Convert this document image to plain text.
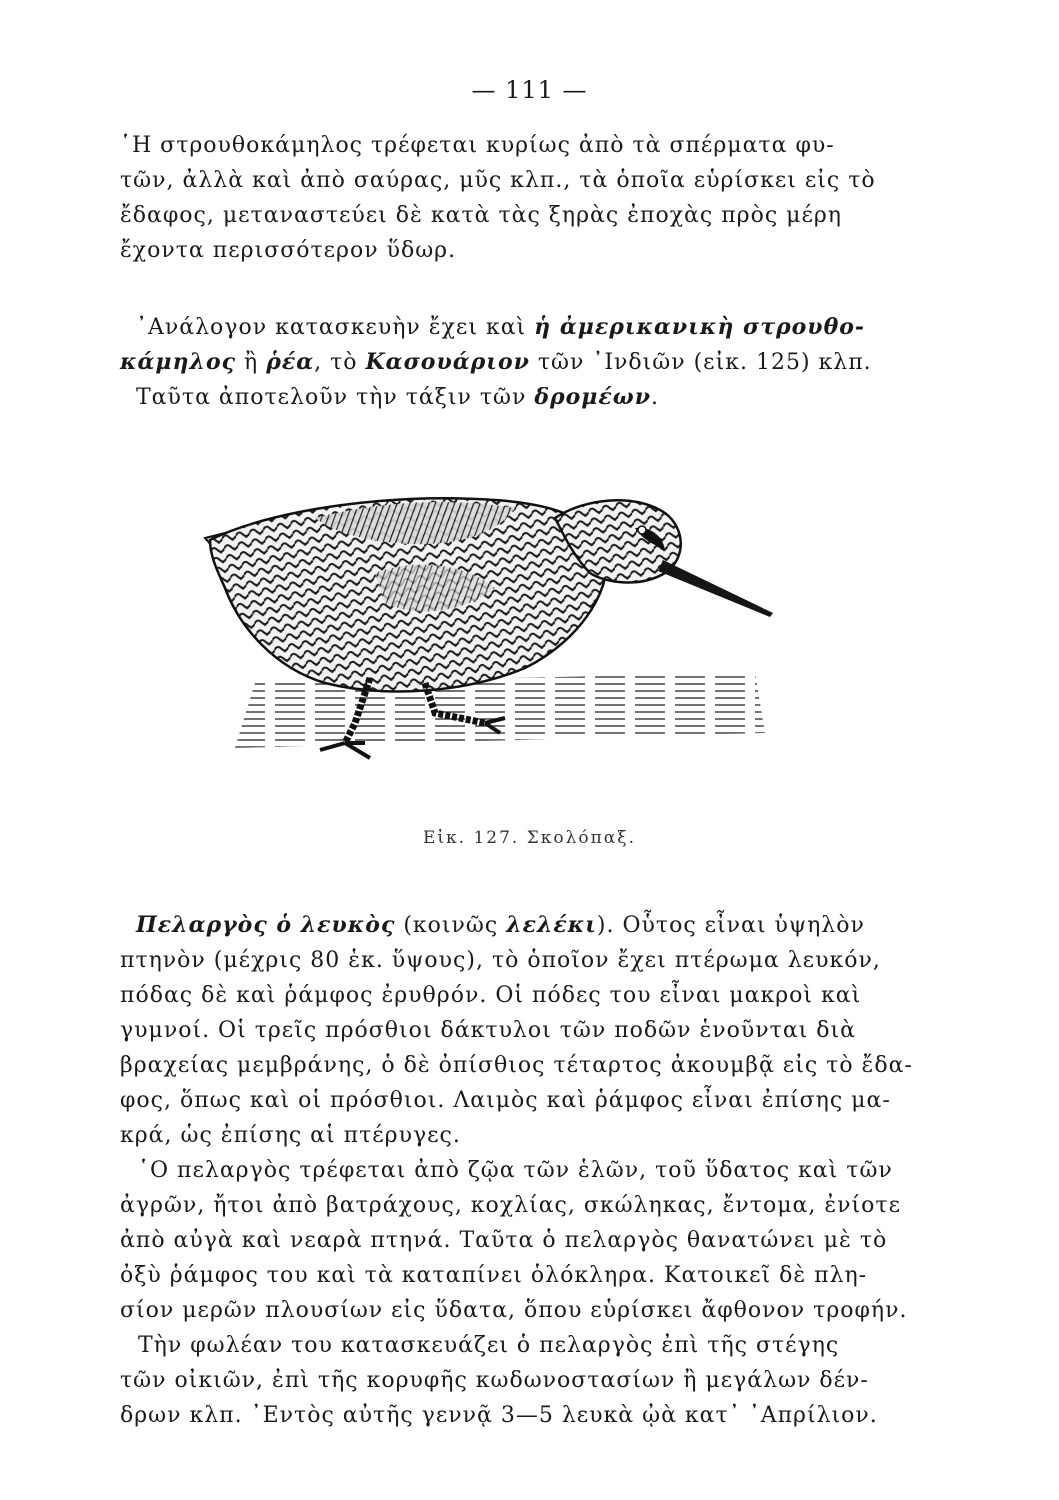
— 111 —
῾Η στρουθοκάμηλος τρέφεται κυρίως ἀπὸ τὰ σπέρματα φυ-
τῶν, ἀλλὰ καὶ ἀπὸ σαύρας, μῦς κλπ., τὰ ὁποῖα εὑρίσκει εἰς τὸ
ἔδαφος, μεταναστεύει δὲ κατὰ τὰς ξηρὰς ἐποχὰς πρὸς μέρη
ἔχοντα περισσότερον ὕδωρ.
᾿Ανάλογον κατασκευὴν ἔχει καὶ ἡ ἀμερικανικὴ στρουθο-
κάμηλος ἢ ῥέα, τὸ Κασουάριον τῶν ᾿Ινδιῶν (εἰκ. 125) κλπ.
Ταῦτα ἀποτελοῦν τὴν τάξιν τῶν δρομέων.
Εἰκ. 127. Σκολόπαξ.
Πελαργὸς ὁ λευκὸς (κοινῶς λελέκι). Οὗτος εἶναι ὑψηλὸν
πτηνὸν (μέχρις 80 ἑκ. ὕψους), τὸ ὁποῖον ἔχει πτέρωμα λευκόν,
πόδας δὲ καὶ ῥάμφος ἐρυθρόν. Οἱ πόδες του εἶναι μακροὶ καὶ
γυμνοί. Οἱ τρεῖς πρόσθιοι δάκτυλοι τῶν ποδῶν ἑνοῦνται διὰ
βραχείας μεμβράνης, ὁ δὲ ὀπίσθιος τέταρτος ἀκουμβᾷ εἰς τὸ ἔδα-
φος, ὅπως καὶ οἱ πρόσθιοι. Λαιμὸς καὶ ῥάμφος εἶναι ἐπίσης μα-
κρά, ὡς ἐπίσης αἱ πτέρυγες.
῾Ο πελαργὸς τρέφεται ἀπὸ ζῷα τῶν ἑλῶν, τοῦ ὕδατος καὶ τῶν
ἀγρῶν, ἤτοι ἀπὸ βατράχους, κοχλίας, σκώληκας, ἔντομα, ἐνίοτε
ἀπὸ αὐγὰ καὶ νεαρὰ πτηνά. Ταῦτα ὁ πελαργὸς θανατώνει μὲ τὸ
ὀξὺ ῥάμφος του καὶ τὰ καταπίνει ὁλόκληρα. Κατοικεῖ δὲ πλη-
σίον μερῶν πλουσίων εἰς ὕδατα, ὅπου εὑρίσκει ἄφθονον τροφήν.
Τὴν φωλέαν του κατασκευάζει ὁ πελαργὸς ἐπὶ τῆς στέγης
τῶν οἰκιῶν, ἐπὶ τῆς κορυφῆς κωδωνοστασίων ἢ μεγάλων δέν-
δρων κλπ. ᾿Εντὸς αὐτῆς γεννᾷ 3—5 λευκὰ ᾠὰ κατ᾿ ᾿Απρίλιον.
